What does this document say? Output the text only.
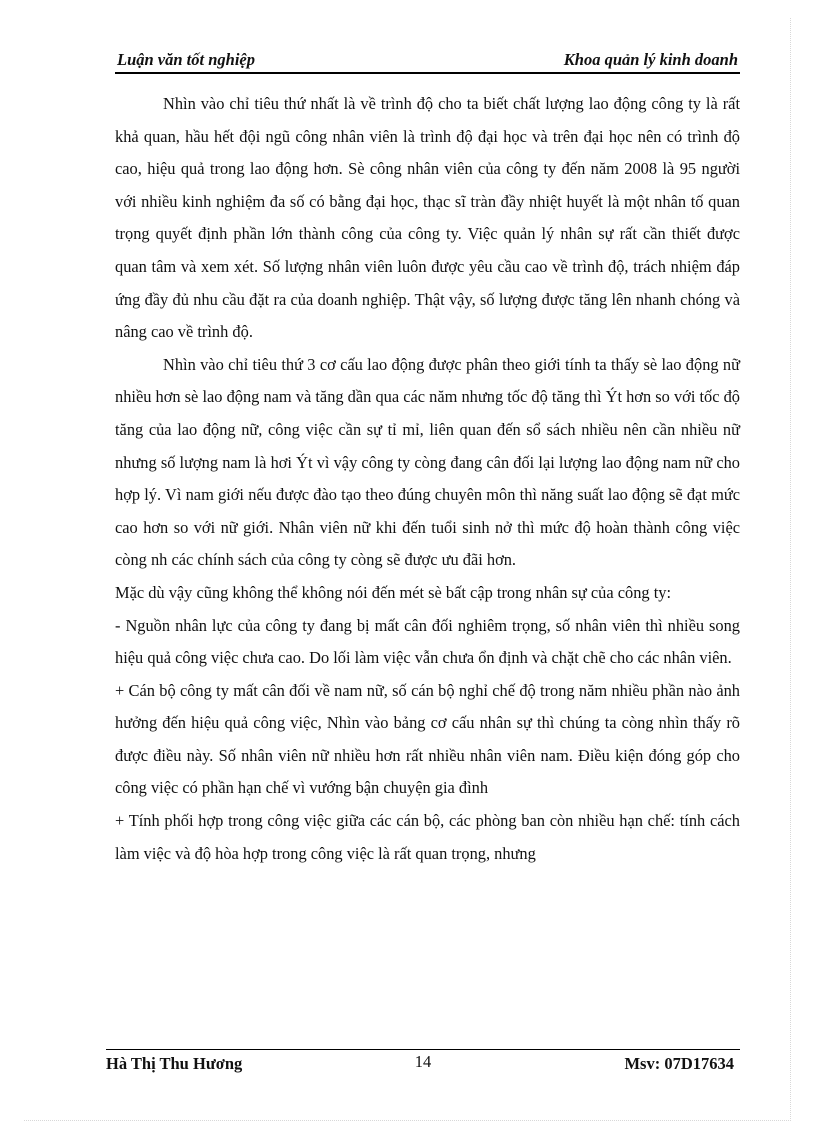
Luận văn tốt nghiệp	Khoa quản lý kinh doanh

Nhìn vào chỉ tiêu thứ nhất là về trình độ cho ta biết chất lượng lao động công ty là rất khả quan, hầu hết đội ngũ công nhân viên là trình độ đại học và trên đại học nên có trình độ cao, hiệu quả trong lao động hơn. Sè công nhân viên của công ty đến năm 2008 là 95 người với nhiều kinh nghiệm đa số có bằng đại học, thạc sĩ tràn đầy nhiệt huyết là một nhân tố quan trọng quyết định phần lớn thành công của công ty. Việc quản lý nhân sự rất cần thiết được quan tâm và xem xét. Số lượng nhân viên luôn được yêu cầu cao về trình độ, trách nhiệm đáp ứng đầy đủ nhu cầu đặt ra của doanh nghiệp. Thật vậy, số lượng được tăng lên nhanh chóng và nâng cao về trình độ.

Nhìn vào chỉ tiêu thứ 3 cơ cấu lao động được phân theo giới tính ta thấy sè lao động nữ nhiều hơn sè lao động nam và tăng dần qua các năm nhưng tốc độ tăng thì Ýt hơn so với tốc độ tăng của lao động nữ, công việc cần sự tỉ mỉ, liên quan đến sổ sách nhiều nên cần nhiều nữ nhưng số lượng nam là hơi Ýt vì vậy công ty còng đang cân đối lại lượng lao động nam nữ cho hợp lý. Vì nam giới nếu được đào tạo theo đúng chuyên môn thì năng suất lao động sẽ đạt mức cao hơn so với nữ giới. Nhân viên nữ khi đến tuổi sinh nở thì mức độ hoàn thành công việc còng nh các chính sách của công ty còng sẽ được ưu đãi hơn.

Mặc dù vậy cũng không thể không nói đến mét sè bất cập trong nhân sự của công ty:

- Nguồn nhân lực của công ty đang bị mất cân đối nghiêm trọng, số nhân viên thì nhiều song hiệu quả công việc chưa cao. Do lối làm việc vẫn chưa ổn định và chặt chẽ cho các nhân viên.

+ Cán bộ công ty mất cân đối về nam nữ, số cán bộ nghỉ chế độ trong năm nhiều phần nào ảnh hưởng đến hiệu quả công việc, Nhìn vào bảng cơ cấu nhân sự thì chúng ta còng nhìn thấy rõ được điều này. Số nhân viên nữ nhiều hơn rất nhiều nhân viên nam. Điều kiện đóng góp cho công việc có phần hạn chế vì vướng bận chuyện gia đình

+ Tính phối hợp trong công việc giữa các cán bộ, các phòng ban còn nhiều hạn chế: tính cách làm việc và độ hòa hợp trong công việc là rất quan trọng, nhưng

Hà Thị Thu Hương	14	Msv: 07D17634
